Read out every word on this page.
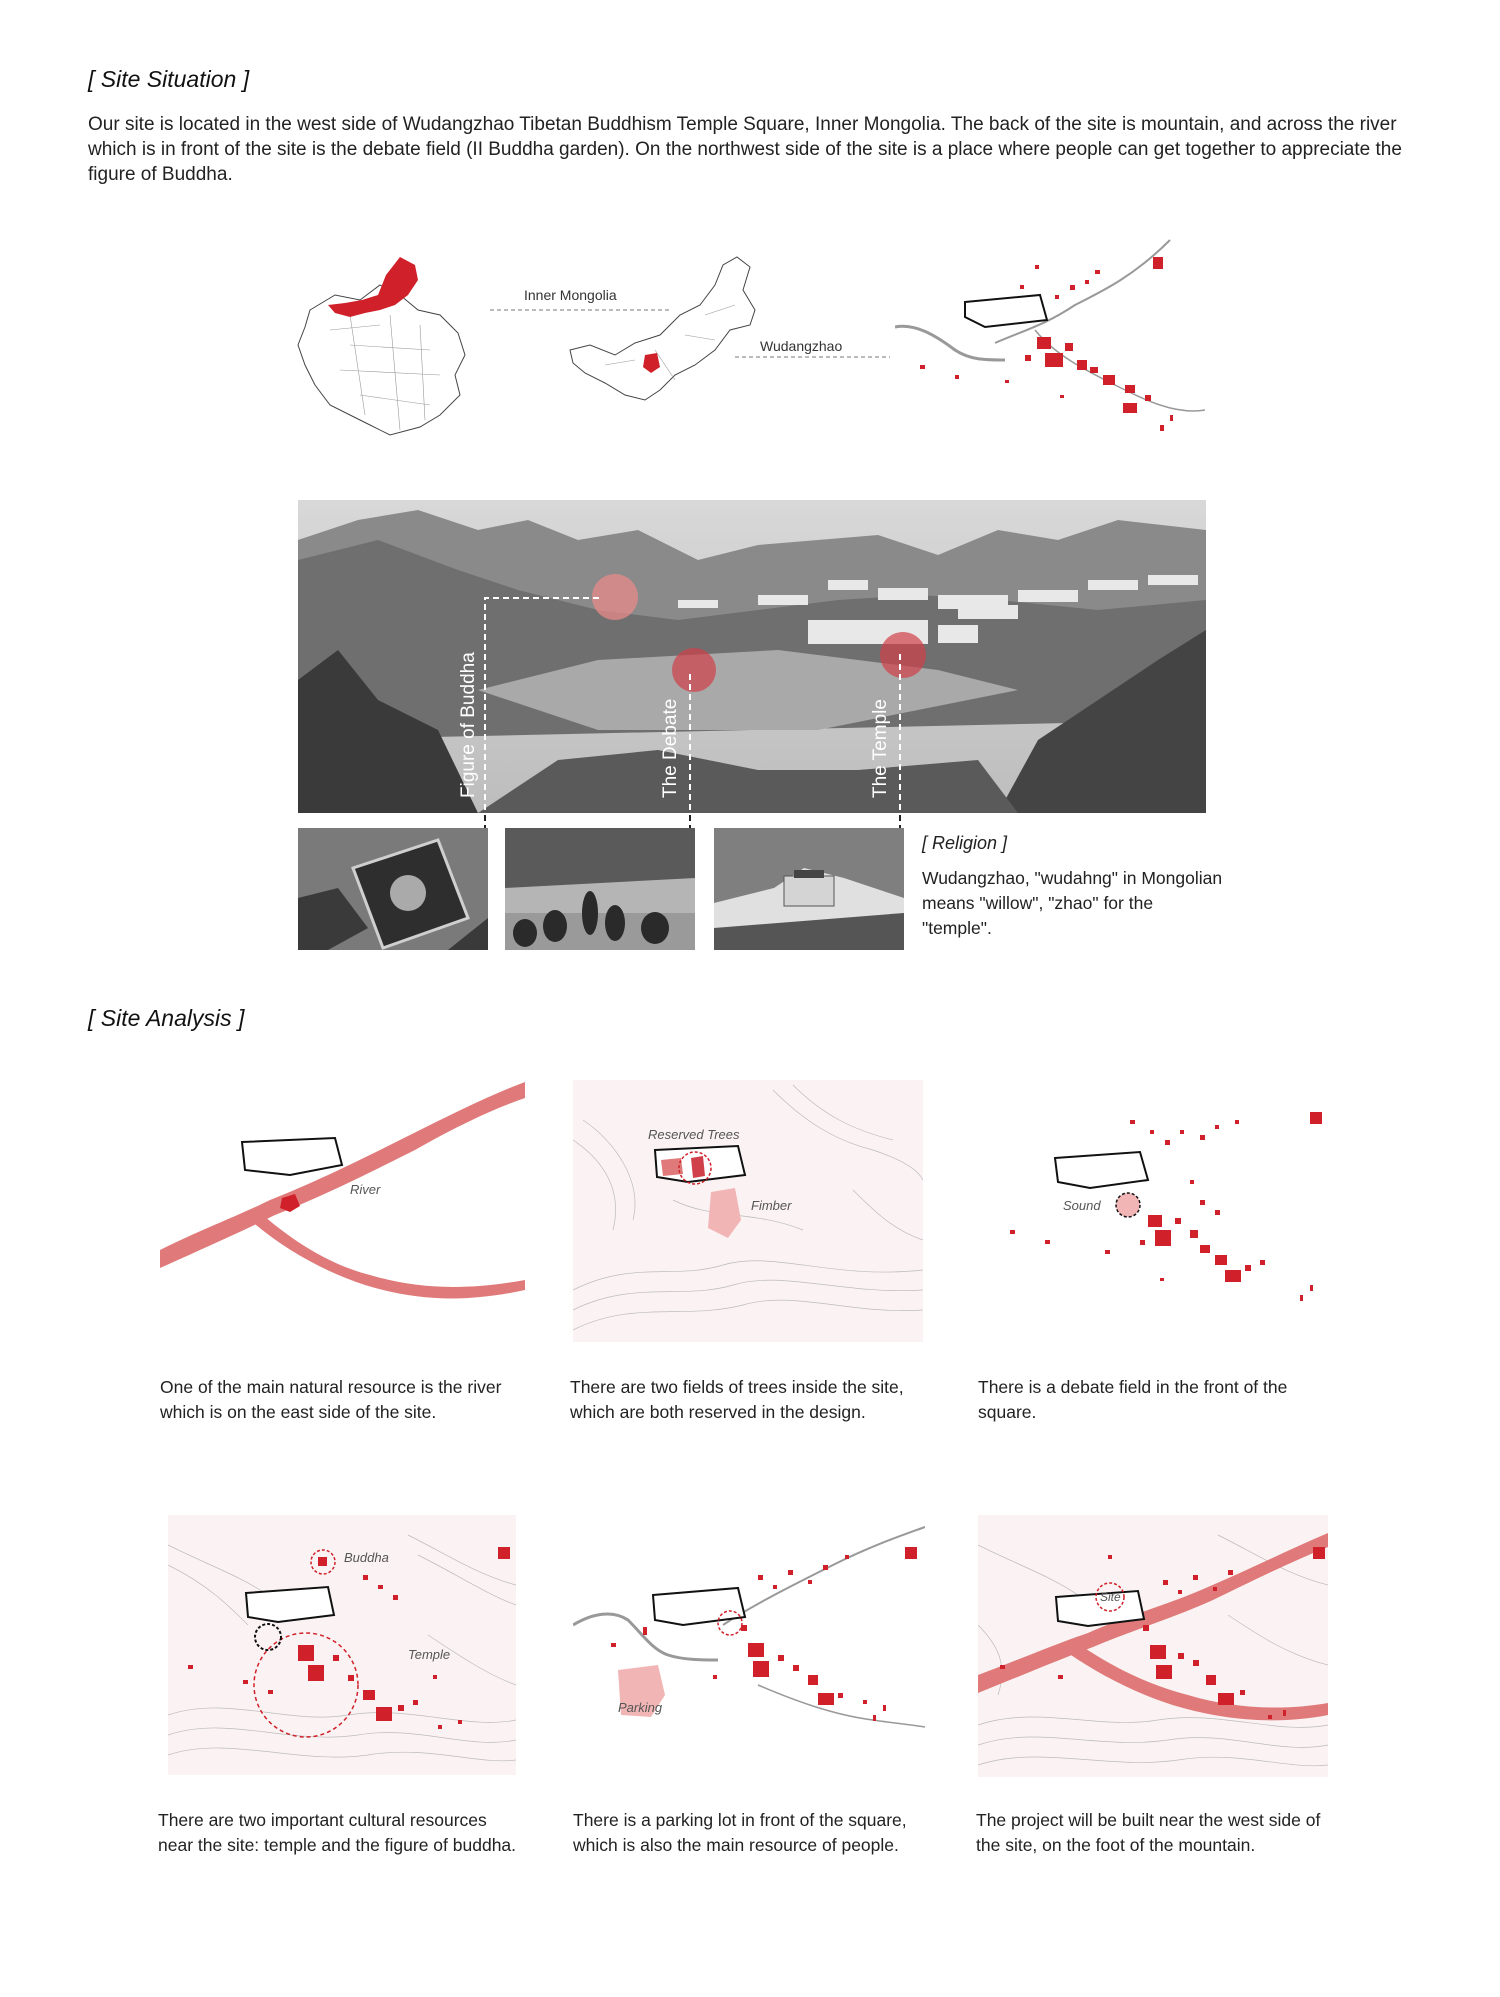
[ Site Situation ]
Our site is located in the west side of Wudangzhao Tibetan Buddhism Temple Square, Inner Mongolia. The back of the site is mountain, and across the river which is in front of the site is the debate field (II Buddha garden). On the northwest side of the site is a place where people can get together to appreciate the figure of Buddha.
Inner Mongolia
Wudangzhao
Figure of Buddha	The Debate	The Temple
[ Religion ]
Wudangzhao, "wudahng" in Mongolian means "willow", "zhao" for the "temple".
[ Site Analysis ]
River
One of the main natural resource is the river which is on the east side of the site.
Reserved Trees
Fimber
There are two fields of trees inside the site, which are both reserved in the design.
Sound
There is a debate field in the front of the square.
Buddha
Temple
There are two important cultural resources near the site: temple and the figure of buddha.
Parking
There is a parking lot in front of the square, which is also the main resource of people.
Site
The project will be built near the west side of the site, on the foot of the mountain.
